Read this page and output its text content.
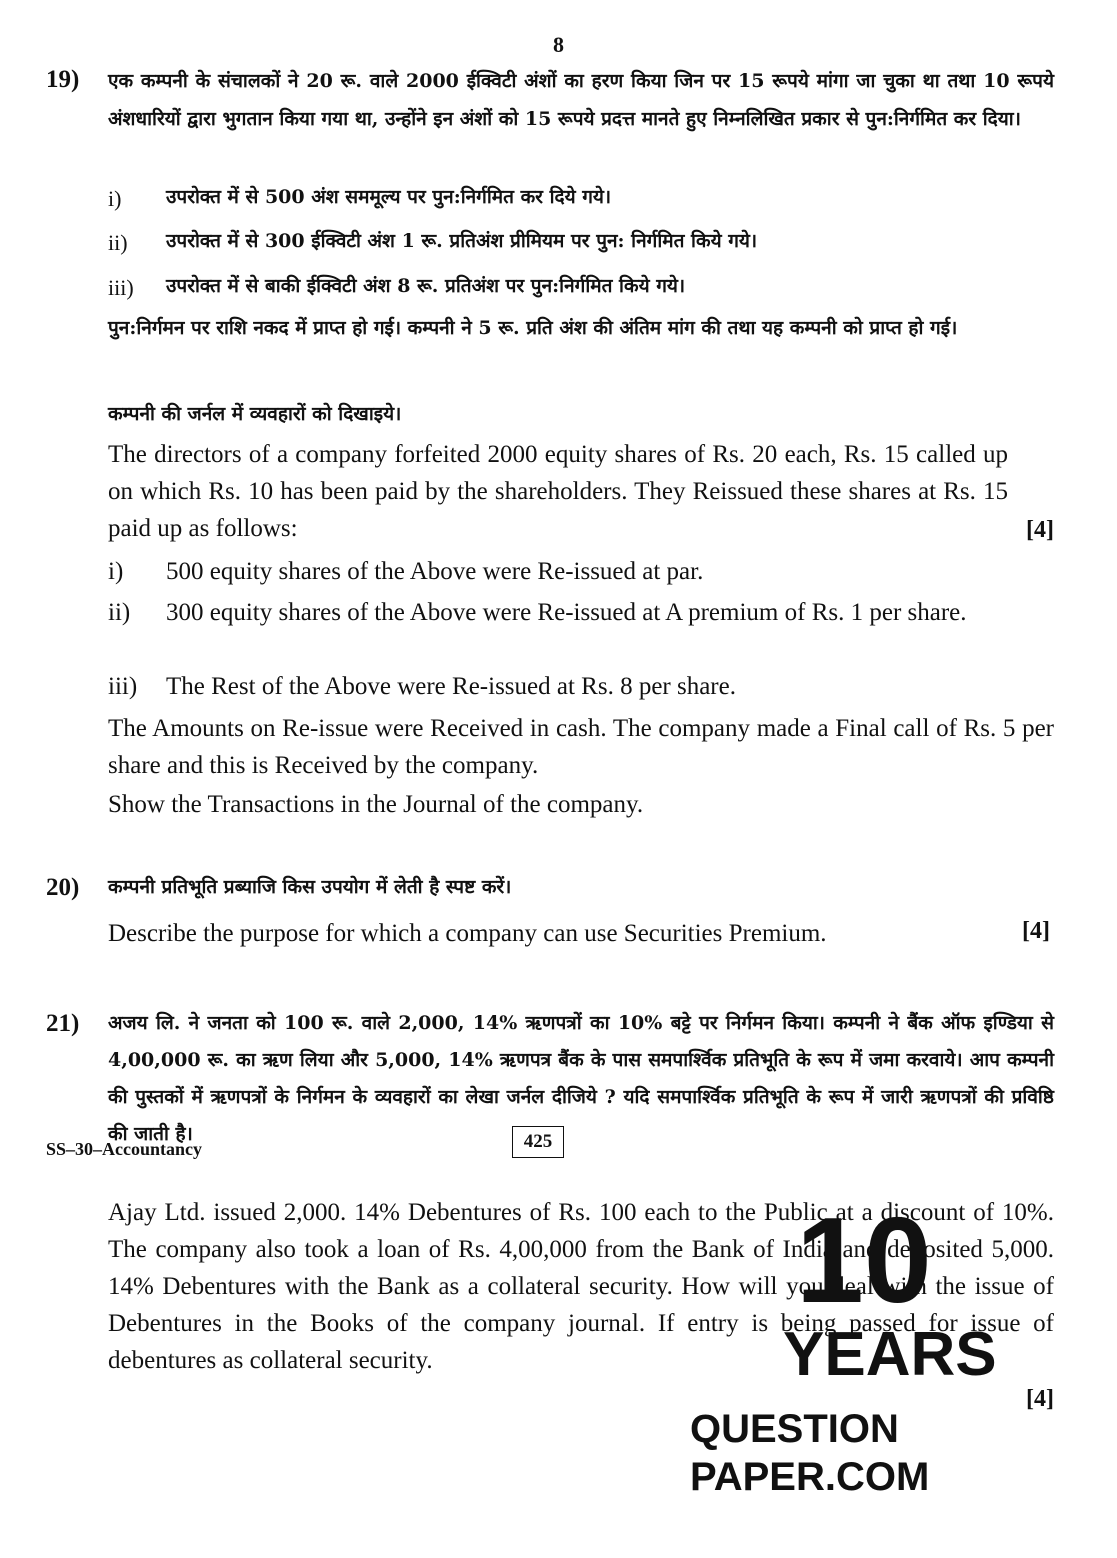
8
19) एक कम्पनी के संचालकों ने 20 रू. वाले 2000 ईक्विटी अंशों का हरण किया जिन पर 15 रूपये मांगा जा चुका था तथा 10 रूपये अंशधारियों द्वारा भुगतान किया गया था, उन्होंने इन अंशों को 15 रूपये प्रदत्त मानते हुए निम्नलिखित प्रकार से पुन:निर्गमित कर दिया।
i) उपरोक्त में से 500 अंश सममूल्य पर पुन:निर्गमित कर दिये गये।
ii) उपरोक्त में से 300 ईक्विटी अंश 1 रू. प्रतिअंश प्रीमियम पर पुन: निर्गमित किये गये।
iii) उपरोक्त में से बाकी ईक्विटी अंश 8 रू. प्रतिअंश पर पुन:निर्गमित किये गये।
पुन:निर्गमन पर राशि नकद में प्राप्त हो गई। कम्पनी ने 5 रू. प्रति अंश की अंतिम मांग की तथा यह कम्पनी को प्राप्त हो गई।
कम्पनी की जर्नल में व्यवहारों को दिखाइये।
The directors of a company forfeited 2000 equity shares of Rs. 20 each, Rs. 15 called up on which Rs. 10 has been paid by the shareholders. They Reissued these shares at Rs. 15 paid up as follows:	[4]
i) 500 equity shares of the Above were Re-issued at par.
ii) 300 equity shares of the Above were Re-issued at A premium of Rs. 1 per share.
iii) The Rest of the Above were Re-issued at Rs. 8 per share.
The Amounts on Re-issue were Received in cash. The company made a Final call of Rs. 5 per share and this is Received by the company.
Show the Transactions in the Journal of the company.
20) कम्पनी प्रतिभूति प्रब्याजि किस उपयोग में लेती है स्पष्ट करें।
Describe the purpose for which a company can use Securities Premium.	[4]
21) अजय लि. ने जनता को 100 रू. वाले 2,000, 14% ऋणपत्रों का 10% बट्टे पर निर्गमन किया। कम्पनी ने बैंक ऑफ इण्डिया से 4,00,000 रू. का ऋण लिया और 5,000, 14% ऋणपत्र बैंक के पास समपार्श्विक प्रतिभूति के रूप में जमा करवाये। आप कम्पनी की पुस्तकों में ऋणपत्रों के निर्गमन के व्यवहारों का लेखा जर्नल दीजिये ? यदि समपार्श्विक प्रतिभूति के रूप में जारी ऋणपत्रों की प्रविष्ठि की जाती है।
Ajay Ltd. issued 2,000. 14% Debentures of Rs. 100 each to the Public at a discount of 10%. The company also took a loan of Rs. 4,00,000 from the Bank of India and deposited 5,000. 14% Debentures with the Bank as a collateral security. How will you deal with the issue of Debentures in the Books of the company journal. If entry is being passed for issue of debentures as collateral security.
[4]
SS–30–Accountancy	425
10
YEARS
QUESTION PAPER.COM
